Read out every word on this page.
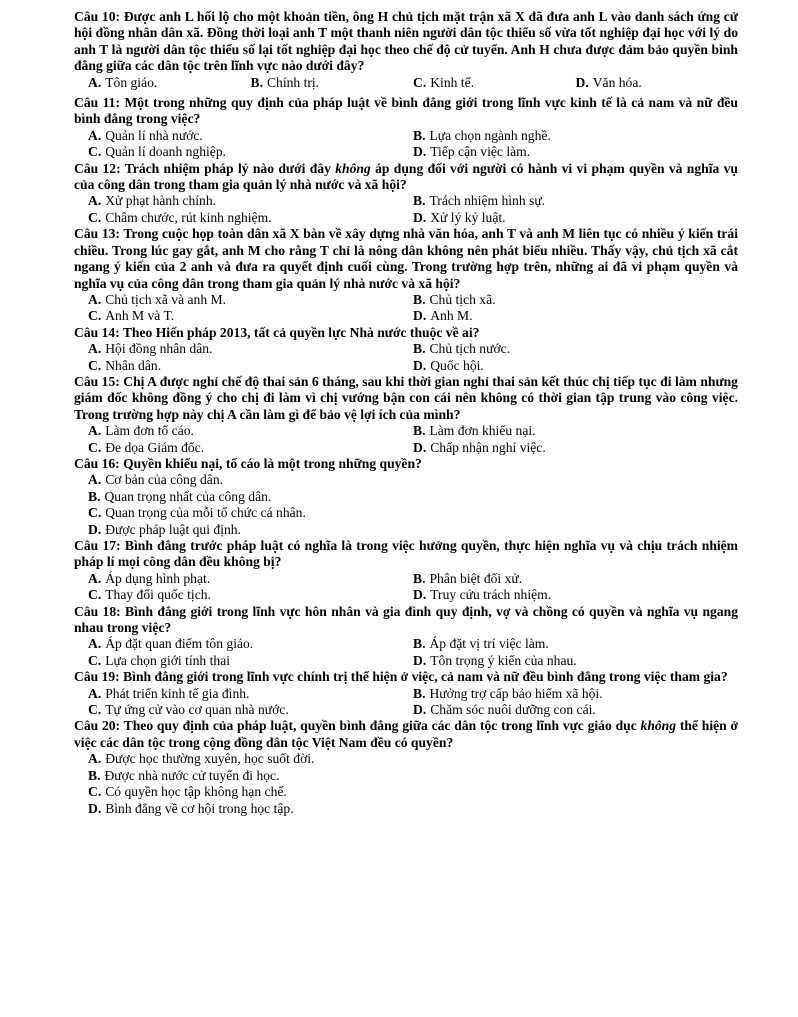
Câu 10: Được anh L hối lộ cho một khoản tiền, ông H chủ tịch mặt trận xã X đã đưa anh L vào danh sách ứng cử hội đồng nhân dân xã. Đồng thời loại anh T một thanh niên người dân tộc thiểu số vừa tốt nghiệp đại học với lý do anh T là người dân tộc thiểu số lại tốt nghiệp đại học theo chế độ cử tuyển. Anh H chưa được đảm bảo quyền bình đẳng giữa các dân tộc trên lĩnh vực nào dưới đây?

A. Tôn giáo.	B. Chính trị.	C. Kinh tế.	D. Văn hóa.

Câu 11: Một trong những quy định của pháp luật về bình đẳng giới trong lĩnh vực kinh tế là cả nam và nữ đều bình đẳng trong việc?

A. Quản lí nhà nước.	B. Lựa chọn ngành nghề.
C. Quản lí doanh nghiệp.	D. Tiếp cận việc làm.

Câu 12: Trách nhiệm pháp lý nào dưới đây không áp dụng đối với người có hành vi vi phạm quyền và nghĩa vụ của công dân trong tham gia quản lý nhà nước và xã hội?

A. Xử phạt hành chính.	B. Trách nhiệm hình sự.
C. Châm chước, rút kinh nghiệm.	D. Xử lý kỷ luật.

Câu 13: Trong cuộc họp toàn dân xã X bàn về xây dựng nhà văn hóa, anh T và anh M liên tục có nhiều ý kiến trái chiều. Trong lúc gay gắt, anh M cho rằng T chỉ là nông dân không nên phát biểu nhiều. Thấy vậy, chủ tịch xã cắt ngang ý kiến của 2 anh và đưa ra quyết định cuối cùng. Trong trường hợp trên, những ai đã vi phạm quyền và nghĩa vụ của công dân trong tham gia quản lý nhà nước và xã hội?

A. Chủ tịch xã và anh M.	B. Chủ tịch xã.
C. Anh M và T.	D. Anh M.

Câu 14: Theo Hiến pháp 2013, tất cả quyền lực Nhà nước thuộc về ai?

A. Hội đồng nhân dân.	B. Chủ tịch nước.
C. Nhân dân.	D. Quốc hội.

Câu 15: Chị A được nghỉ chế độ thai sản 6 tháng, sau khi thời gian nghỉ thai sản kết thúc chị tiếp tục đi làm nhưng giám đốc không đồng ý cho chị đi làm vì chị vướng bận con cái nên không có thời gian tập trung vào công việc. Trong trường hợp này chị A cần làm gì để bảo vệ lợi ích của mình?

A. Làm đơn tố cáo.	B. Làm đơn khiếu nại.
C. Đe dọa Giám đốc.	D. Chấp nhận nghỉ việc.

Câu 16: Quyền khiếu nại, tố cáo là một trong những quyền?

A. Cơ bản của công dân.
B. Quan trọng nhất của công dân.
C. Quan trọng của mỗi tổ chức cá nhân.
D. Được pháp luật qui định.

Câu 17: Bình đẳng trước pháp luật có nghĩa là trong việc hưởng quyền, thực hiện nghĩa vụ và chịu trách nhiệm pháp lí mọi công dân đều không bị?

A. Áp dụng hình phạt.	B. Phân biệt đối xử.
C. Thay đổi quốc tịch.	D. Truy cứu trách nhiệm.

Câu 18: Bình đẳng giới trong lĩnh vực hôn nhân và gia đình quy định, vợ và chồng có quyền và nghĩa vụ ngang nhau trong việc?

A. Áp đặt quan điểm tôn giáo.	B. Áp đặt vị trí việc làm.
C. Lựa chọn giới tính thai	D. Tôn trọng ý kiến của nhau.

Câu 19: Bình đẳng giới trong lĩnh vực chính trị thể hiện ở việc, cả nam và nữ đều bình đẳng trong việc tham gia?

A. Phát triển kinh tế gia đình.	B. Hưởng trợ cấp bảo hiểm xã hội.
C. Tự ứng cử vào cơ quan nhà nước.	D. Chăm sóc nuôi dưỡng con cái.

Câu 20: Theo quy định của pháp luật, quyền bình đẳng giữa các dân tộc trong lĩnh vực giáo dục không thể hiện ở việc các dân tộc trong cộng đồng dân tộc Việt Nam đều có quyền?

A. Được học thường xuyên, học suốt đời.
B. Được nhà nước cử tuyển đi học.
C. Có quyền học tập không hạn chế.
D. Bình đẳng về cơ hội trong học tập.
